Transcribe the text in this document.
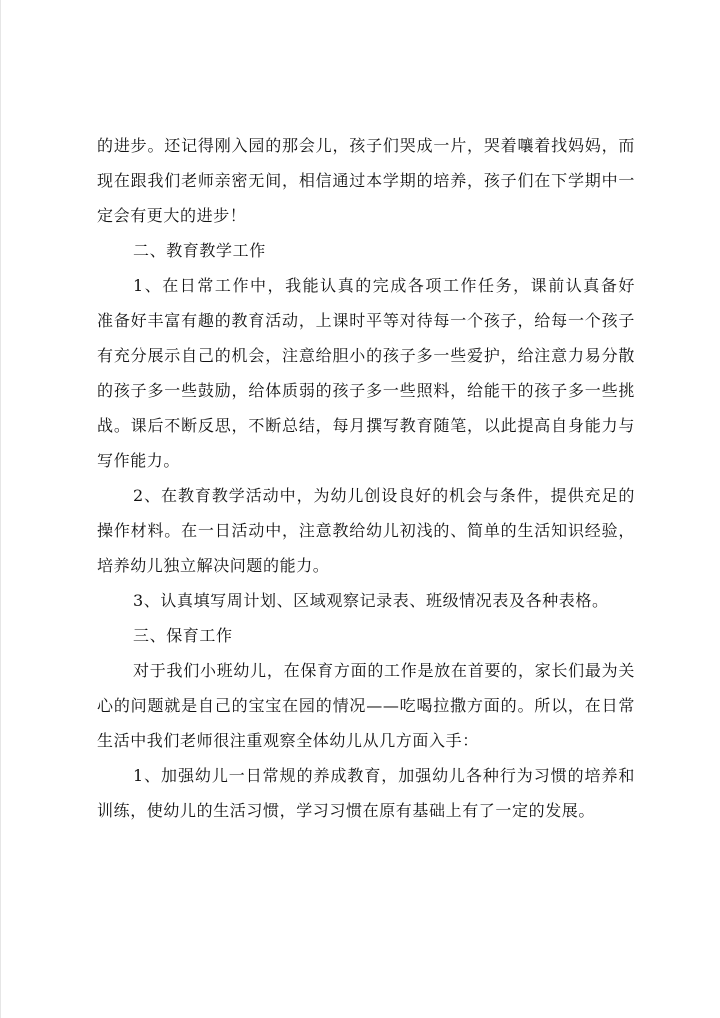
的进步。还记得刚入园的那会儿，孩子们哭成一片，哭着嚷着找妈妈，而
现在跟我们老师亲密无间，相信通过本学期的培养，孩子们在下学期中一
定会有更大的进步！
二、教育教学工作
1、在日常工作中，我能认真的完成各项工作任务，课前认真备好
准备好丰富有趣的教育活动，上课时平等对待每一个孩子，给每一个孩子
有充分展示自己的机会，注意给胆小的孩子多一些爱护，给注意力易分散
的孩子多一些鼓励，给体质弱的孩子多一些照料，给能干的孩子多一些挑
战。课后不断反思，不断总结，每月撰写教育随笔，以此提高自身能力与
写作能力。
2、在教育教学活动中，为幼儿创设良好的机会与条件，提供充足的
操作材料。在一日活动中，注意教给幼儿初浅的、简单的生活知识经验，
培养幼儿独立解决问题的能力。
3、认真填写周计划、区域观察记录表、班级情况表及各种表格。
三、保育工作
对于我们小班幼儿，在保育方面的工作是放在首要的，家长们最为关
心的问题就是自己的宝宝在园的情况——吃喝拉撒方面的。所以，在日常
生活中我们老师很注重观察全体幼儿从几方面入手：
1、加强幼儿一日常规的养成教育，加强幼儿各种行为习惯的培养和
训练，使幼儿的生活习惯，学习习惯在原有基础上有了一定的发展。
